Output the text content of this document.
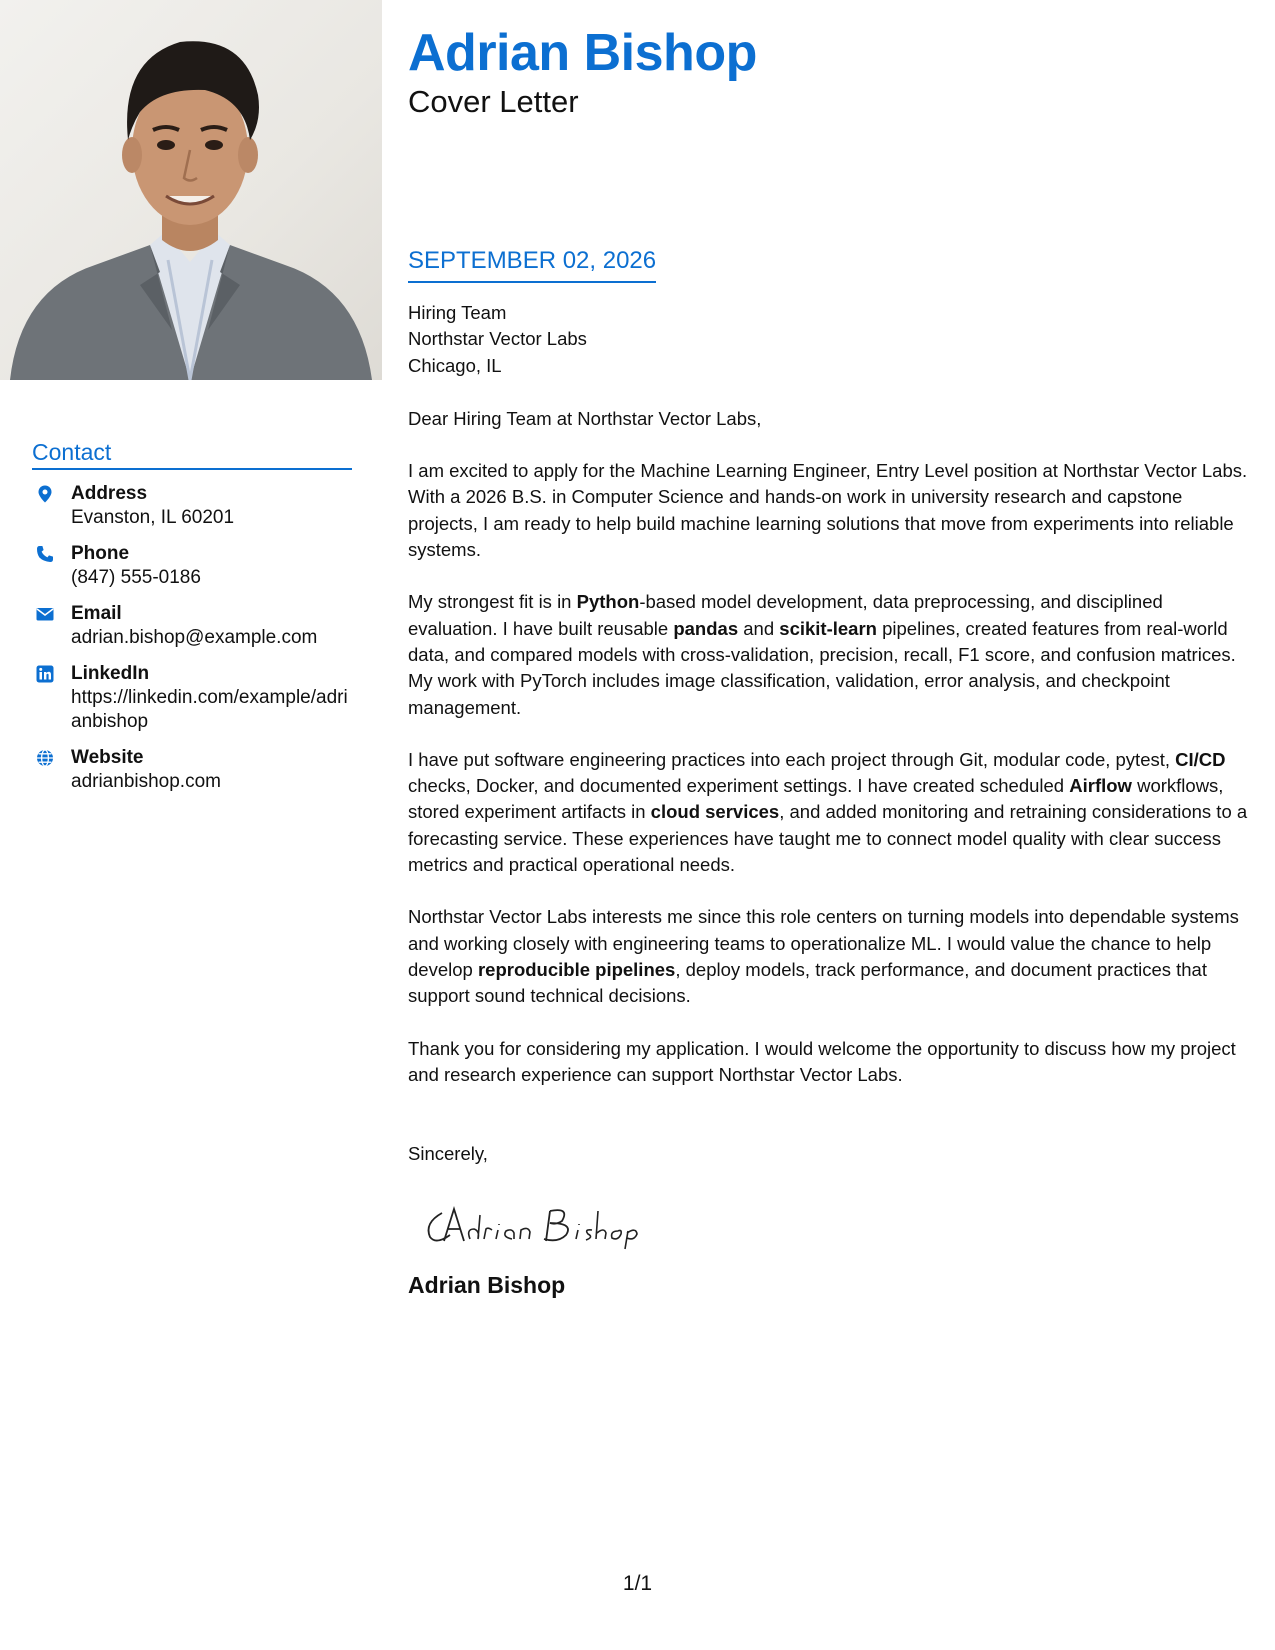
Adrian Bishop
Cover Letter
Contact
Address
Evanston, IL 60201
Phone
(847) 555-0186
Email
adrian.bishop@example.com
LinkedIn
https://linkedin.com/example/adrianbishop
Website
adrianbishop.com
SEPTEMBER 02, 2026
Hiring Team
Northstar Vector Labs
Chicago, IL
Dear Hiring Team at Northstar Vector Labs,

I am excited to apply for the Machine Learning Engineer, Entry Level position at Northstar Vector Labs. With a 2026 B.S. in Computer Science and hands-on work in university research and capstone projects, I am ready to help build machine learning solutions that move from experiments into reliable systems.

My strongest fit is in Python-based model development, data preprocessing, and disciplined evaluation. I have built reusable pandas and scikit-learn pipelines, created features from real-world data, and compared models with cross-validation, precision, recall, F1 score, and confusion matrices. My work with PyTorch includes image classification, validation, error analysis, and checkpoint management.

I have put software engineering practices into each project through Git, modular code, pytest, CI/CD checks, Docker, and documented experiment settings. I have created scheduled Airflow workflows, stored experiment artifacts in cloud services, and added monitoring and retraining considerations to a forecasting service. These experiences have taught me to connect model quality with clear success metrics and practical operational needs.

Northstar Vector Labs interests me since this role centers on turning models into dependable systems and working closely with engineering teams to operationalize ML. I would value the chance to help develop reproducible pipelines, deploy models, track performance, and document practices that support sound technical decisions.

Thank you for considering my application. I would welcome the opportunity to discuss how my project and research experience can support Northstar Vector Labs.

Sincerely,
Adrian Bishop
1/1
